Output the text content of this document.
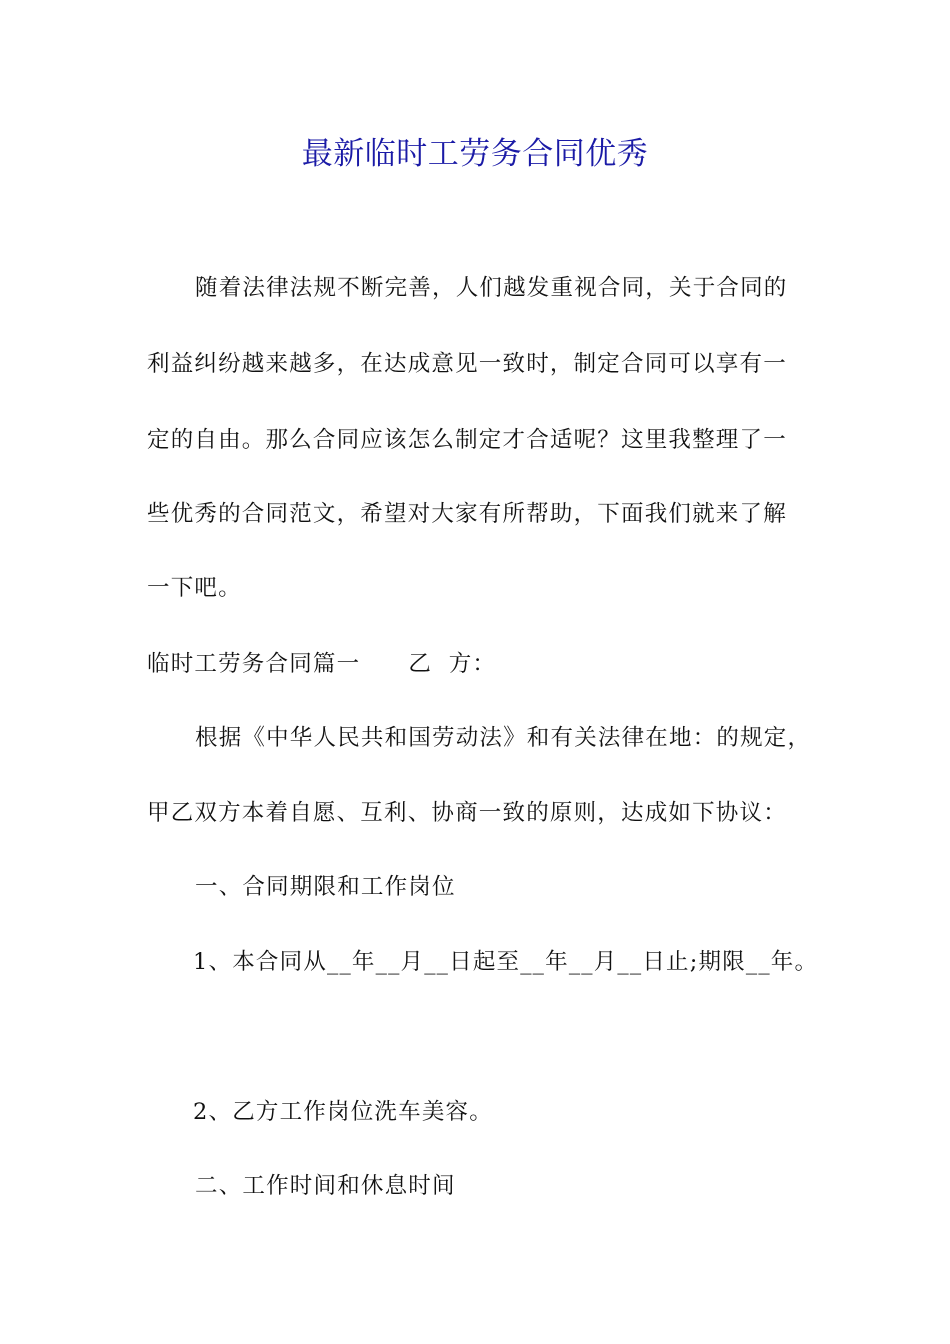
最新临时工劳务合同优秀
随着法律法规不断完善，人们越发重视合同，关于合同的
利益纠纷越来越多，在达成意见一致时，制定合同可以享有一
定的自由。那么合同应该怎么制定才合适呢？这里我整理了一
些优秀的合同范文，希望对大家有所帮助，下面我们就来了解
一下吧。
临时工劳务合同篇一 乙  方：
根据《中华人民共和国劳动法》和有关法律在地：的规定，
甲乙双方本着自愿、互利、协商一致的原则，达成如下协议：
一、合同期限和工作岗位
1、本合同从__年__月__日起至__年__月__日止;期限__年。
2、乙方工作岗位洗车美容。
二、工作时间和休息时间
